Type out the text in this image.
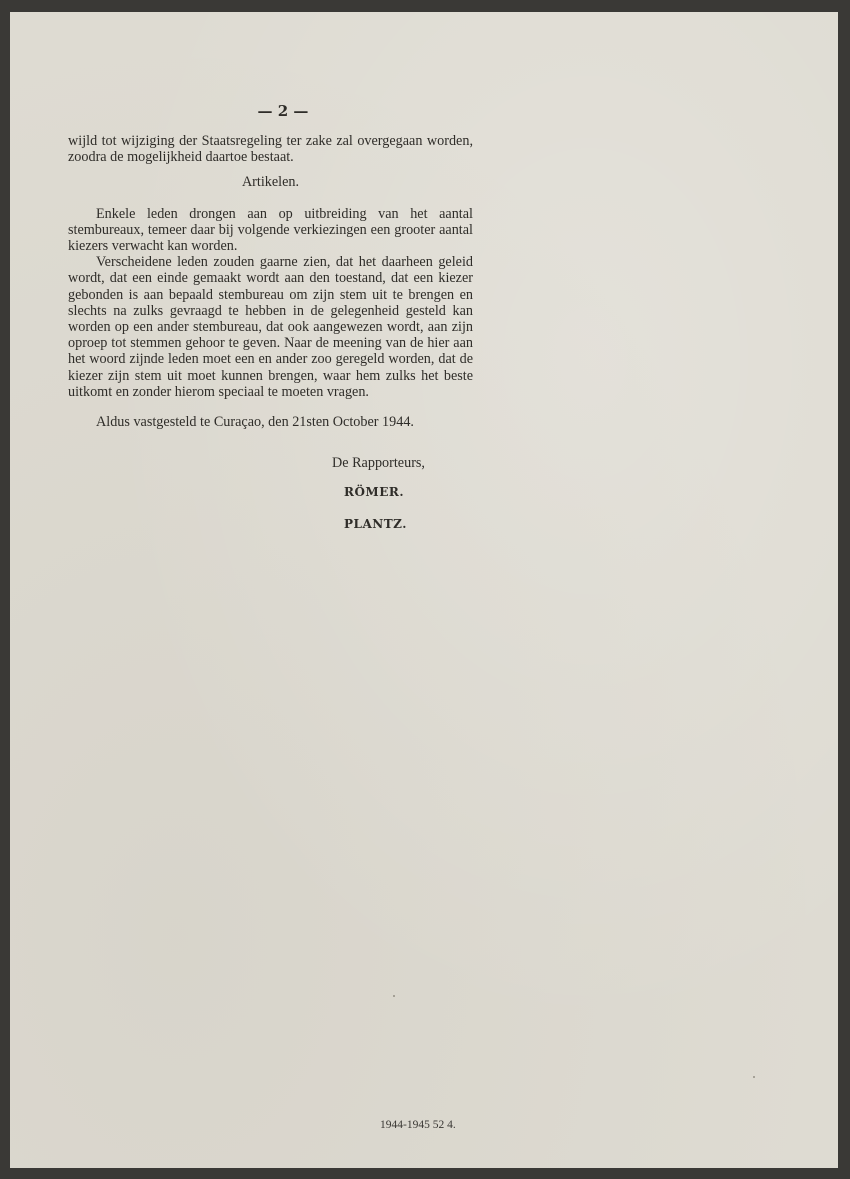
— 2 —

wijld tot wijziging der Staatsregeling ter zake zal overgegaan worden, zoodra de mogelijkheid daartoe bestaat.

Artikelen.

Enkele leden drongen aan op uitbreiding van het aantal stembureaux, temeer daar bij volgende verkiezingen een grooter aantal kiezers verwacht kan worden.

Verscheidene leden zouden gaarne zien, dat het daarheen geleid wordt, dat een einde gemaakt wordt aan den toestand, dat een kiezer gebonden is aan bepaald stembureau om zijn stem uit te brengen en slechts na zulks gevraagd te hebben in de gelegenheid gesteld kan worden op een ander stembureau, dat ook aangewezen wordt, aan zijn oproep tot stemmen gehoor te geven. Naar de meening van de hier aan het woord zijnde leden moet een en ander zoo geregeld worden, dat de kiezer zijn stem uit moet kunnen brengen, waar hem zulks het beste uitkomt en zonder hierom speciaal te moeten vragen.

Aldus vastgesteld te Curaçao, den 21sten October 1944.

De Rapporteurs,
RÖMER.
PLANTZ.
1944-1945 52 4.
